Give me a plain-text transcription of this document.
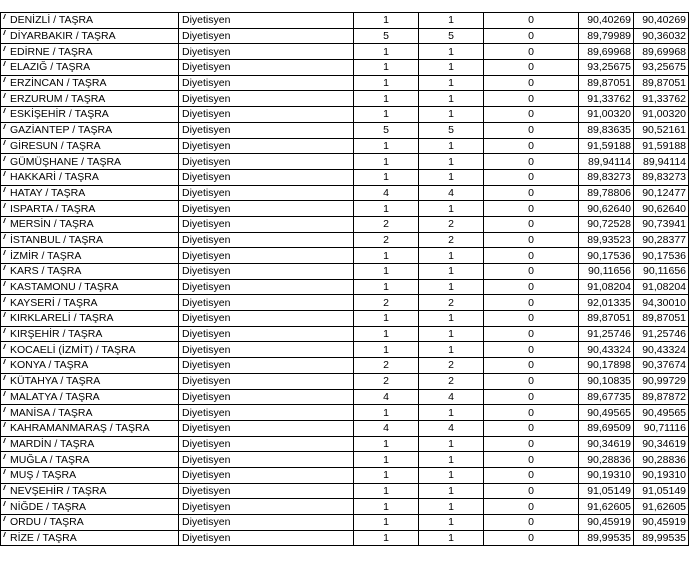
DENİZLİ / TAŞRA	Diyetisyen	1	1	0	90,40269	90,40269
DİYARBAKIR / TAŞRA	Diyetisyen	5	5	0	89,79989	90,36032
EDİRNE / TAŞRA	Diyetisyen	1	1	0	89,69968	89,69968
ELAZIĞ / TAŞRA	Diyetisyen	1	1	0	93,25675	93,25675
ERZİNCAN / TAŞRA	Diyetisyen	1	1	0	89,87051	89,87051
ERZURUM / TAŞRA	Diyetisyen	1	1	0	91,33762	91,33762
ESKİŞEHİR / TAŞRA	Diyetisyen	1	1	0	91,00320	91,00320
GAZİANTEP / TAŞRA	Diyetisyen	5	5	0	89,83635	90,52161
GİRESUN / TAŞRA	Diyetisyen	1	1	0	91,59188	91,59188
GÜMÜŞHANE / TAŞRA	Diyetisyen	1	1	0	89,94114	89,94114
HAKKARİ / TAŞRA	Diyetisyen	1	1	0	89,83273	89,83273
HATAY / TAŞRA	Diyetisyen	4	4	0	89,78806	90,12477
ISPARTA / TAŞRA	Diyetisyen	1	1	0	90,62640	90,62640
MERSİN / TAŞRA	Diyetisyen	2	2	0	90,72528	90,73941
İSTANBUL / TAŞRA	Diyetisyen	2	2	0	89,93523	90,28377
İZMİR / TAŞRA	Diyetisyen	1	1	0	90,17536	90,17536
KARS / TAŞRA	Diyetisyen	1	1	0	90,11656	90,11656
KASTAMONU / TAŞRA	Diyetisyen	1	1	0	91,08204	91,08204
KAYSERİ / TAŞRA	Diyetisyen	2	2	0	92,01335	94,30010
KIRKLARELİ / TAŞRA	Diyetisyen	1	1	0	89,87051	89,87051
KIRŞEHİR / TAŞRA	Diyetisyen	1	1	0	91,25746	91,25746
KOCAELİ (İZMİT) / TAŞRA	Diyetisyen	1	1	0	90,43324	90,43324
KONYA / TAŞRA	Diyetisyen	2	2	0	90,17898	90,37674
KÜTAHYA / TAŞRA	Diyetisyen	2	2	0	90,10835	90,99729
MALATYA / TAŞRA	Diyetisyen	4	4	0	89,67735	89,87872
MANİSA / TAŞRA	Diyetisyen	1	1	0	90,49565	90,49565
KAHRAMANMARAŞ / TAŞRA	Diyetisyen	4	4	0	89,69509	90,71116
MARDİN / TAŞRA	Diyetisyen	1	1	0	90,34619	90,34619
MUĞLA / TAŞRA	Diyetisyen	1	1	0	90,28836	90,28836
MUŞ / TAŞRA	Diyetisyen	1	1	0	90,19310	90,19310
NEVŞEHİR / TAŞRA	Diyetisyen	1	1	0	91,05149	91,05149
NİĞDE / TAŞRA	Diyetisyen	1	1	0	91,62605	91,62605
ORDU / TAŞRA	Diyetisyen	1	1	0	90,45919	90,45919
RİZE / TAŞRA	Diyetisyen	1	1	0	89,99535	89,99535
